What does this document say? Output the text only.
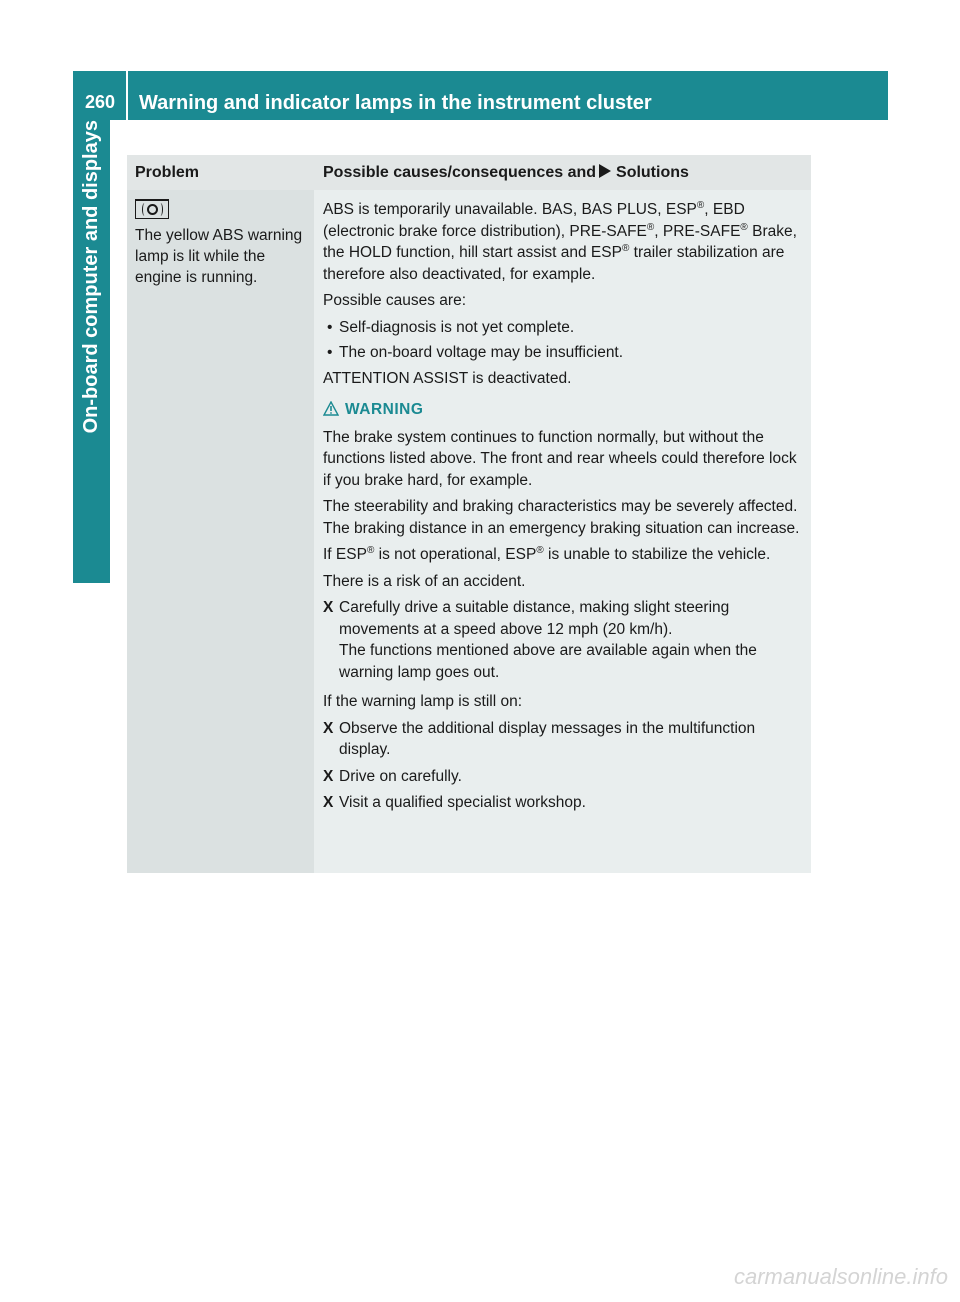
260	Warning and indicator lamps in the instrument cluster
On-board computer and displays Problem	Possible causes/consequences and Solutions
The yellow ABS warning lamp is lit while the engine is running.

ABS is temporarily unavailable. BAS, BAS PLUS, ESP®, EBD (electronic brake force distribution), PRE-SAFE®, PRE-SAFE® Brake, the HOLD function, hill start assist and ESP® trailer stabilization are therefore also deactivated, for example.

Possible causes are:

• Self-diagnosis is not yet complete.
• The on-board voltage may be insufficient.

ATTENTION ASSIST is deactivated.

WARNING

The brake system continues to function normally, but without the functions listed above. The front and rear wheels could therefore lock if you brake hard, for example.

The steerability and braking characteristics may be severely affected. The braking distance in an emergency braking situation can increase.

If ESP® is not operational, ESP® is unable to stabilize the vehicle.

There is a risk of an accident.

X Carefully drive a suitable distance, making slight steering movements at a speed above 12 mph (20 km/h).
The functions mentioned above are available again when the warning lamp goes out.

If the warning lamp is still on:

X Observe the additional display messages in the multifunction display.
X Drive on carefully.
X Visit a qualified specialist workshop.
carmanualsonline.info
